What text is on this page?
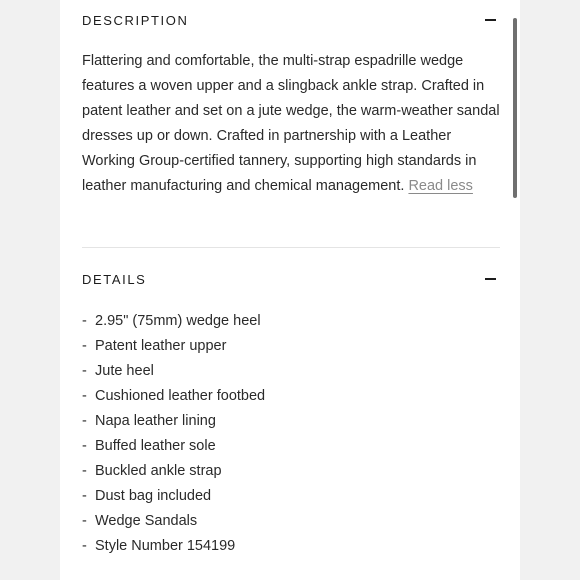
DESCRIPTION

Flattering and comfortable, the multi-strap espadrille wedge features a woven upper and a slingback ankle strap. Crafted in patent leather and set on a jute wedge, the warm-weather sandal dresses up or down. Crafted in partnership with a Leather Working Group-certified tannery, supporting high standards in leather manufacturing and chemical management. Read less

DETAILS
- 2.95" (75mm) wedge heel
- Patent leather upper
- Jute heel
- Cushioned leather footbed
- Napa leather lining
- Buffed leather sole
- Buckled ankle strap
- Dust bag included
- Wedge Sandals
- Style Number 154199
